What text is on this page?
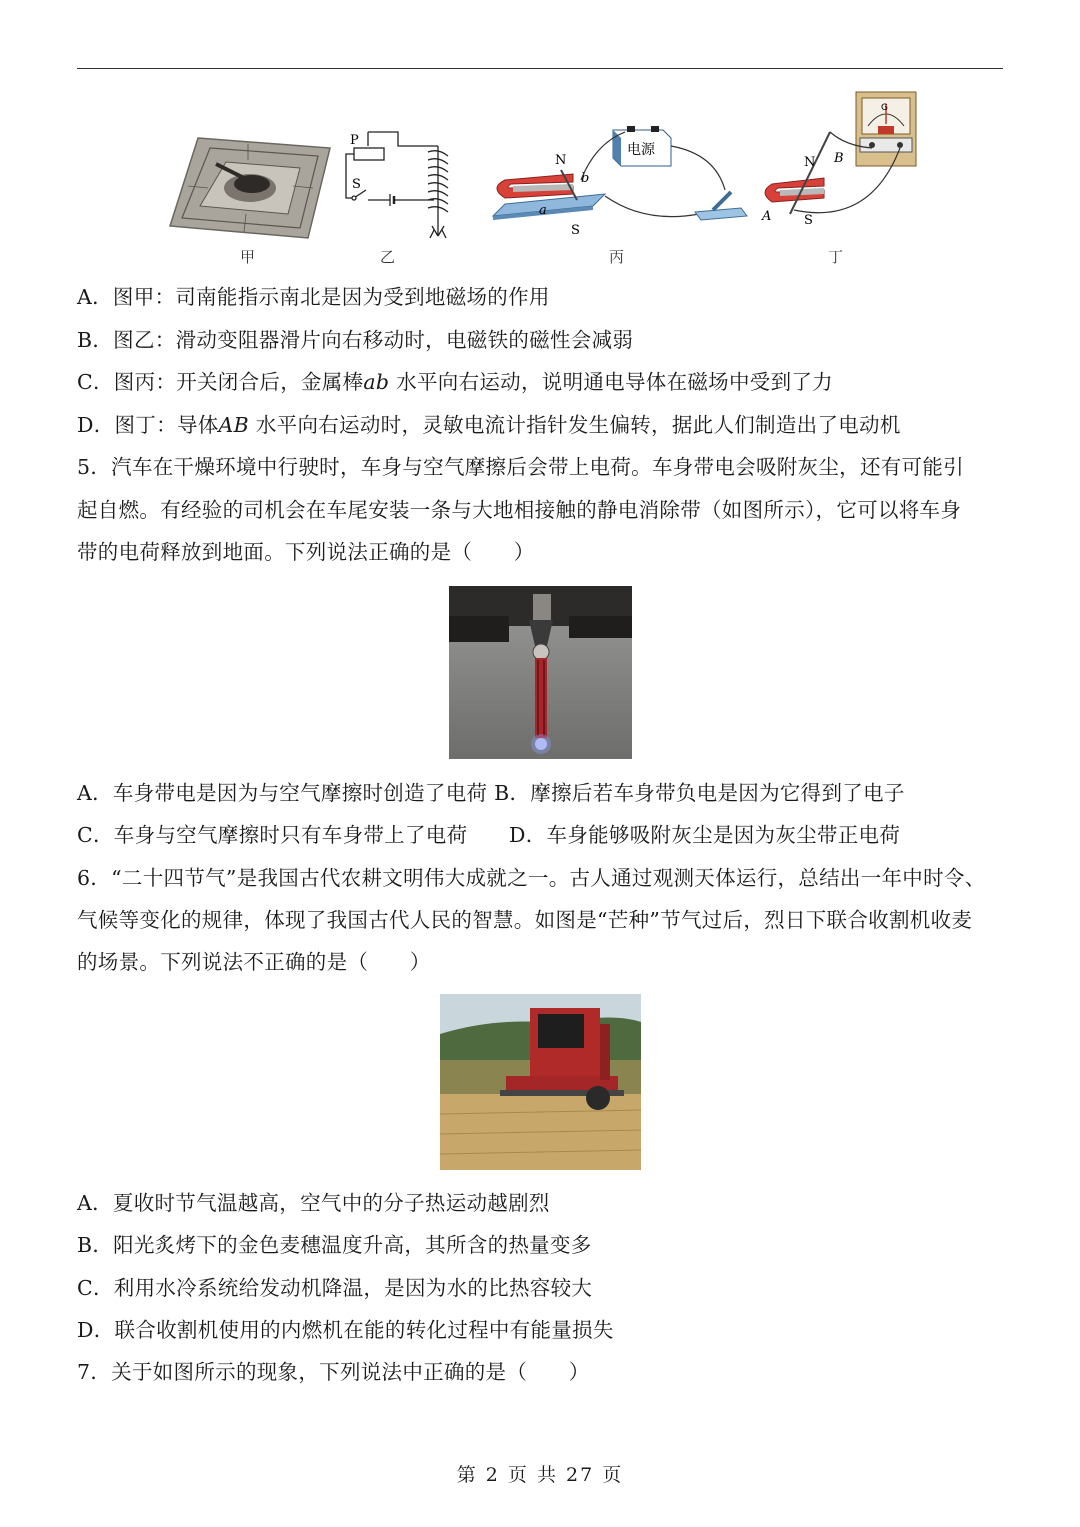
P
S
N
S
b
a
电源
G
N B
A	S
甲	乙	丙	丁
A．图甲：司南能指示南北是因为受到地磁场的作用
B．图乙：滑动变阻器滑片向右移动时，电磁铁的磁性会减弱
C．图丙：开关闭合后，金属棒ab 水平向右运动，说明通电导体在磁场中受到了力
D．图丁：导体AB 水平向右运动时，灵敏电流计指针发生偏转，据此人们制造出了电动机
5．汽车在干燥环境中行驶时，车身与空气摩擦后会带上电荷。车身带电会吸附灰尘，还有可能引
起自燃。有经验的司机会在车尾安装一条与大地相接触的静电消除带（如图所示），它可以将车身
带的电荷释放到地面。下列说法正确的是（　　）
A．车身带电是因为与空气摩擦时创造了电荷 B．摩擦后若车身带负电是因为它得到了电子
C．车身与空气摩擦时只有车身带上了电荷　　D．车身能够吸附灰尘是因为灰尘带正电荷
6．“二十四节气”是我国古代农耕文明伟大成就之一。古人通过观测天体运行，总结出一年中时令、
气候等变化的规律，体现了我国古代人民的智慧。如图是“芒种”节气过后，烈日下联合收割机收麦
的场景。下列说法不正确的是（　　）
A．夏收时节气温越高，空气中的分子热运动越剧烈
B．阳光炙烤下的金色麦穗温度升高，其所含的热量变多
C．利用水冷系统给发动机降温，是因为水的比热容较大
D．联合收割机使用的内燃机在能的转化过程中有能量损失
7．关于如图所示的现象，下列说法中正确的是（　　）
第 2 页 共 27 页
